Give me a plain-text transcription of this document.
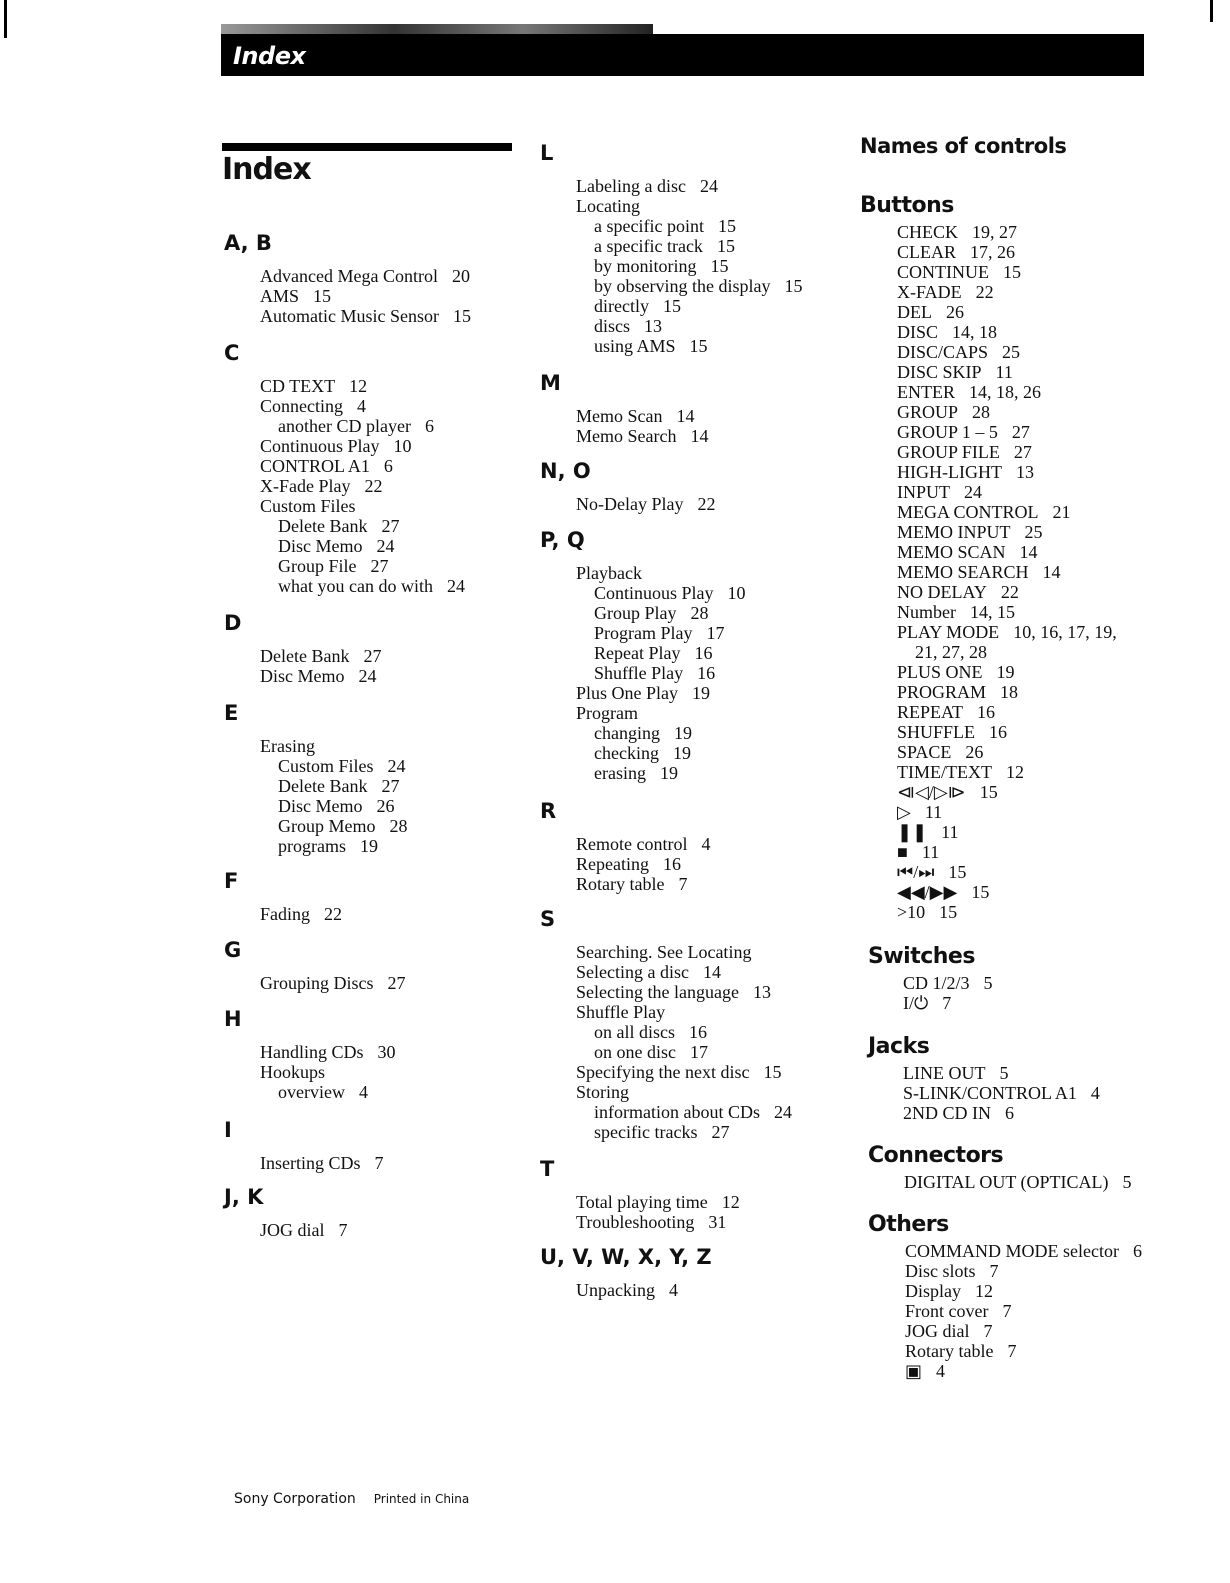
Index
Index
A, B
Advanced Mega Control 20
AMS 15
Automatic Music Sensor 15
C
CD TEXT 12
Connecting 4
another CD player 6
Continuous Play 10
CONTROL A1 6
X-Fade Play 22
Custom Files
Delete Bank 27
Disc Memo 24
Group File 27
what you can do with 24
D
Delete Bank 27
Disc Memo 24
E
Erasing
Custom Files 24
Delete Bank 27
Disc Memo 26
Group Memo 28
programs 19
F
Fading 22
G
Grouping Discs 27
H
Handling CDs 30
Hookups
overview 4
I
Inserting CDs 7
J, K
JOG dial 7
L
Labeling a disc 24
Locating
a specific point 15
a specific track 15
by monitoring 15
by observing the display 15
directly 15
discs 13
using AMS 15
M
Memo Scan 14
Memo Search 14
N, O
No-Delay Play 22
P, Q
Playback
Continuous Play 10
Group Play 28
Program Play 17
Repeat Play 16
Shuffle Play 16
Plus One Play 19
Program
changing 19
checking 19
erasing 19
R
Remote control 4
Repeating 16
Rotary table 7
S
Searching. See Locating
Selecting a disc 14
Selecting the language 13
Shuffle Play
on all discs 16
on one disc 17
Specifying the next disc 15
Storing
information about CDs 24
specific tracks 27
T
Total playing time 12
Troubleshooting 31
U, V, W, X, Y, Z
Unpacking 4
Names of controls
Buttons
CHECK 19, 27
CLEAR 17, 26
CONTINUE 15
X-FADE 22
DEL 26
DISC 14, 18
DISC/CAPS 25
DISC SKIP 11
ENTER 14, 18, 26
GROUP 28
GROUP 1 – 5 27
GROUP FILE 27
HIGH-LIGHT 13
INPUT 24
MEGA CONTROL 21
MEMO INPUT 25
MEMO SCAN 14
MEMO SEARCH 14
NO DELAY 22
Number 14, 15
PLAY MODE 10, 16, 17, 19,
21, 27, 28
PLUS ONE 19
PROGRAM 18
REPEAT 16
SHUFFLE 16
SPACE 26
TIME/TEXT 12
⧏◁/▷⧐ 15
▷ 11
❚❚ 11
■ 11
⏮/⏭ 15
◀◀/▶▶ 15
>10 15
Switches
CD 1/2/3 5
I/⏻ 7
Jacks
LINE OUT 5
S-LINK/CONTROL A1 4
2ND CD IN 6
Connectors
DIGITAL OUT (OPTICAL) 5
Others
COMMAND MODE selector 6
Disc slots 7
Display 12
Front cover 7
JOG dial 7
Rotary table 7
▣ 4
Sony Corporation Printed in China
